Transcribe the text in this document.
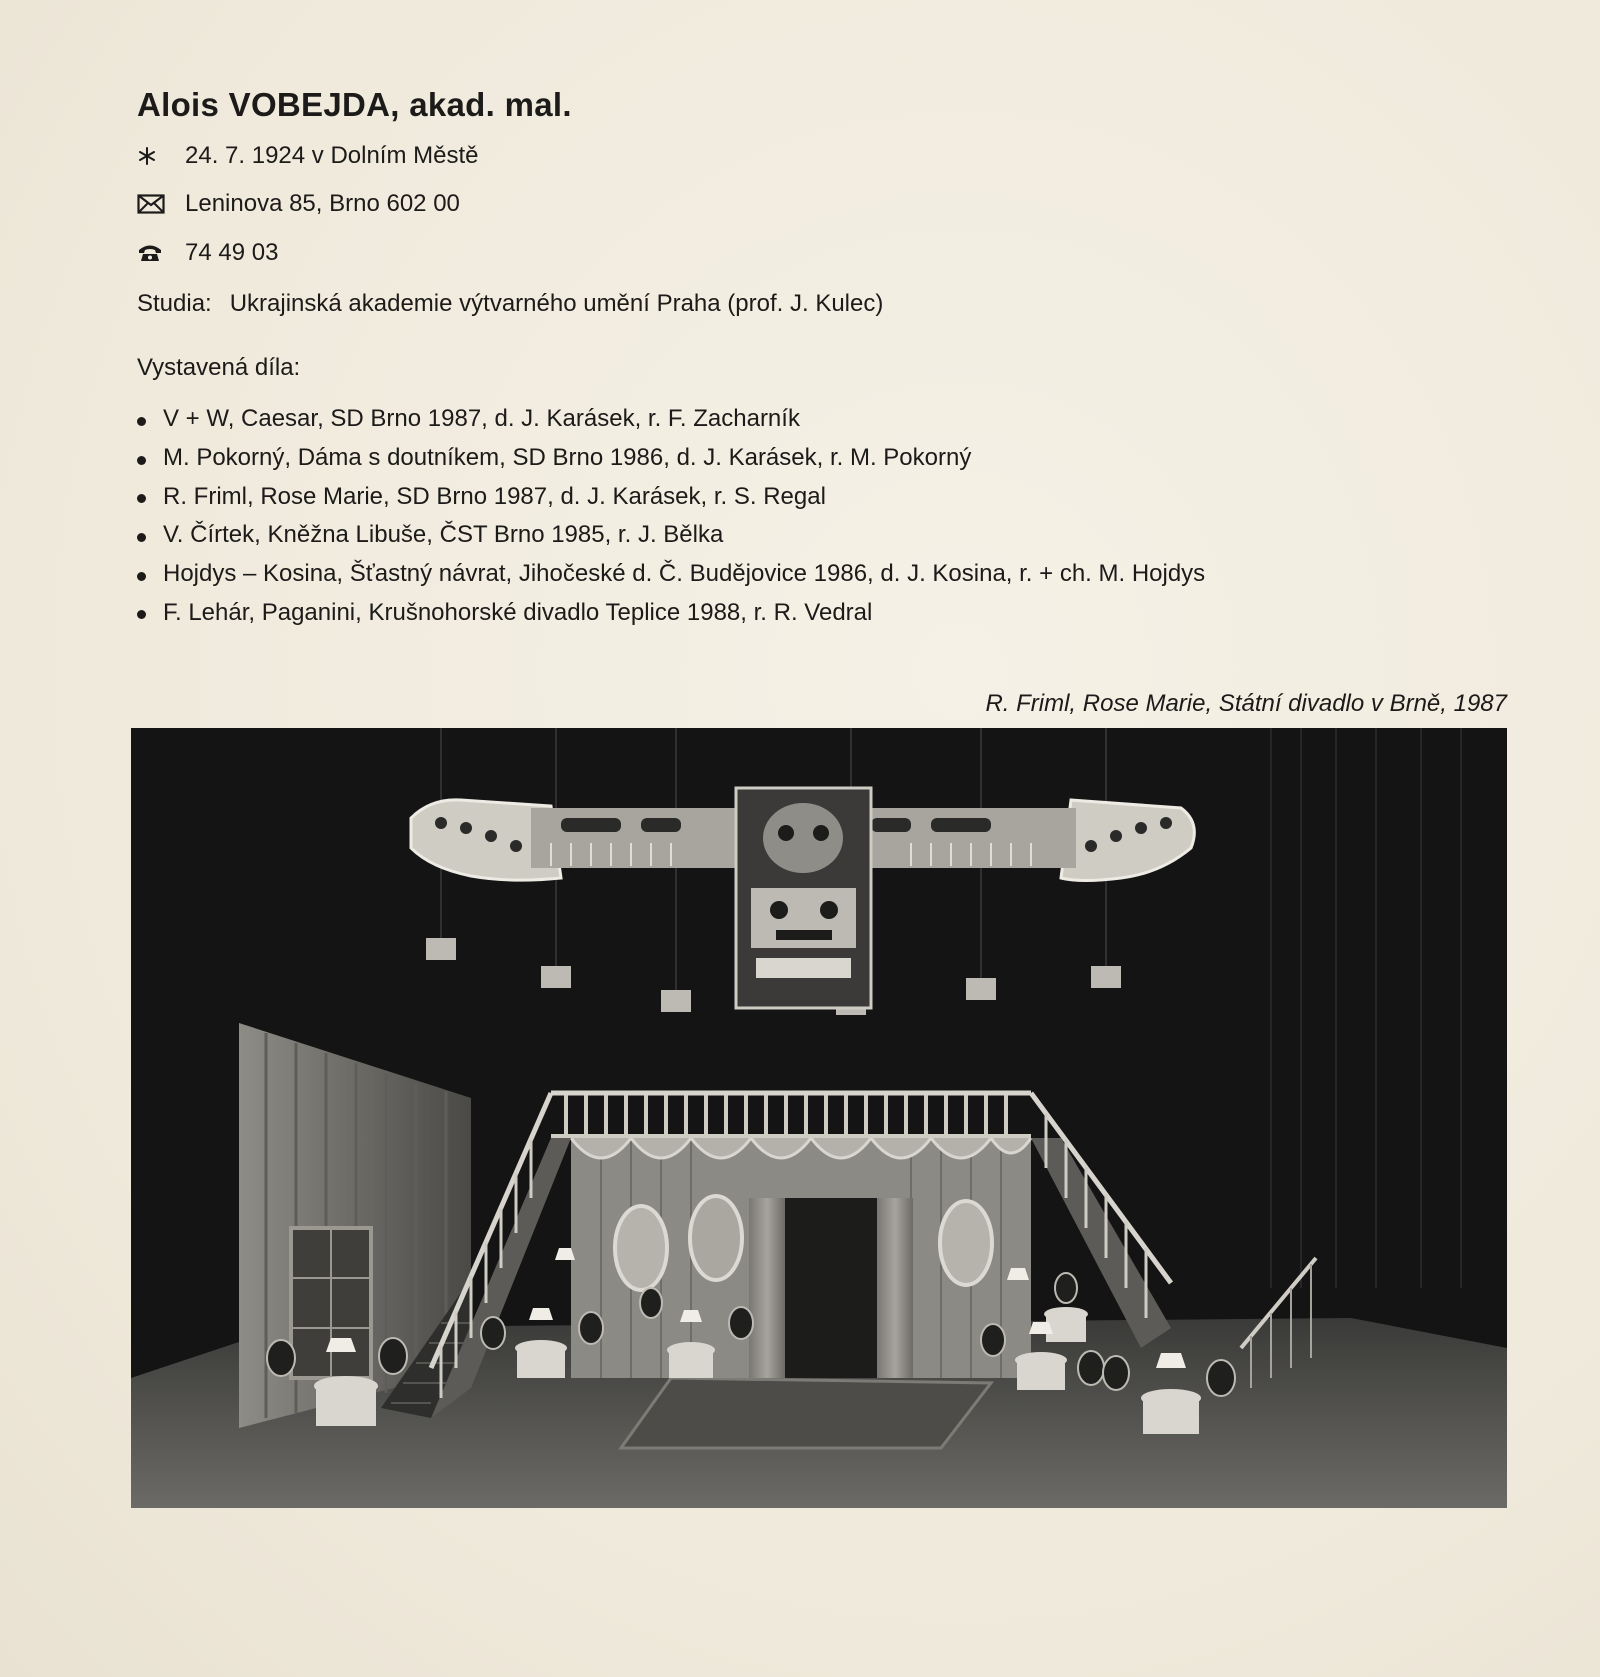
Alois VOBEJDA, akad. mal.
24. 7. 1924 v Dolním Městě
Leninova 85, Brno 602 00
74 49 03
Studia: Ukrajinská akademie výtvarného umění Praha (prof. J. Kulec)
Vystavená díla:
V + W, Caesar, SD Brno 1987, d. J. Karásek, r. F. Zacharník
M. Pokorný, Dáma s doutníkem, SD Brno 1986, d. J. Karásek, r. M. Pokorný
R. Friml, Rose Marie, SD Brno 1987, d. J. Karásek, r. S. Regal
V. Čírtek, Kněžna Libuše, ČST Brno 1985, r. J. Bělka
Hojdys – Kosina, Šťastný návrat, Jihočeské d. Č. Budějovice 1986, d. J. Kosina, r. + ch. M. Hojdys
F. Lehár, Paganini, Krušnohorské divadlo Teplice 1988, r. R. Vedral
R. Friml, Rose Marie, Státní divadlo v Brně, 1987
